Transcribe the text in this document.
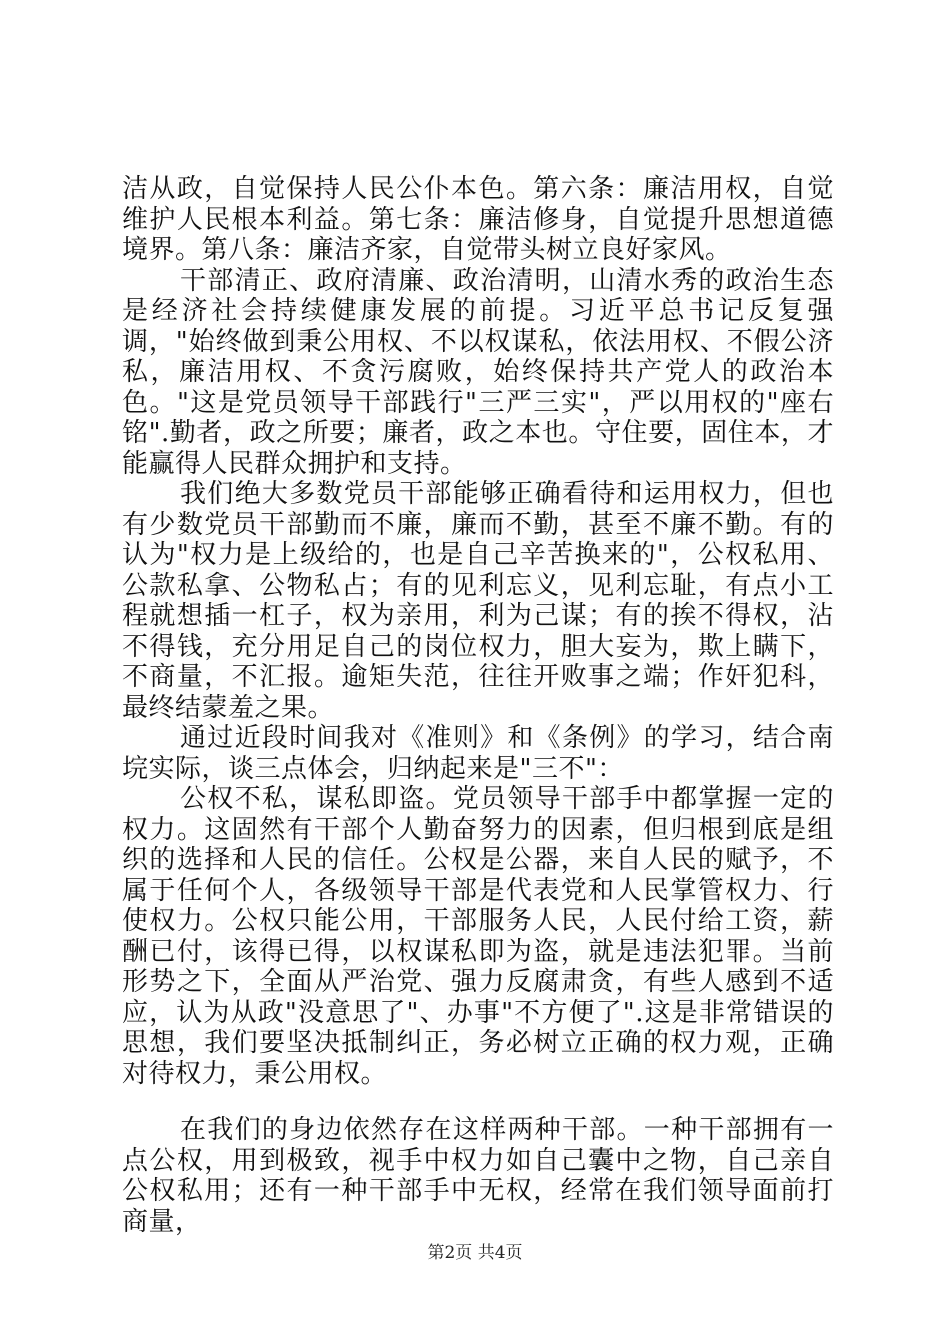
洁从政，自觉保持人民公仆本色。第六条：廉洁用权，自觉维护人民根本利益。第七条：廉洁修身，自觉提升思想道德境界。第八条：廉洁齐家，自觉带头树立良好家风。

干部清正、政府清廉、政治清明，山清水秀的政治生态是经济社会持续健康发展的前提。习近平总书记反复强调，"始终做到秉公用权、不以权谋私，依法用权、不假公济私，廉洁用权、不贪污腐败，始终保持共产党人的政治本色。"这是党员领导干部践行"三严三实"，严以用权的"座右铭".勤者，政之所要；廉者，政之本也。守住要，固住本，才能赢得人民群众拥护和支持。

我们绝大多数党员干部能够正确看待和运用权力，但也有少数党员干部勤而不廉，廉而不勤，甚至不廉不勤。有的认为"权力是上级给的，也是自己辛苦换来的"，公权私用、公款私拿、公物私占；有的见利忘义，见利忘耻，有点小工程就想插一杠子，权为亲用，利为己谋；有的挨不得权，沾不得钱，充分用足自己的岗位权力，胆大妄为，欺上瞒下，不商量，不汇报。逾矩失范，往往开败事之端；作奸犯科，最终结蒙羞之果。

通过近段时间我对《准则》和《条例》的学习，结合南垸实际，谈三点体会，归纳起来是"三不"：

公权不私，谋私即盗。党员领导干部手中都掌握一定的权力。这固然有干部个人勤奋努力的因素，但归根到底是组织的选择和人民的信任。公权是公器，来自人民的赋予，不属于任何个人，各级领导干部是代表党和人民掌管权力、行使权力。公权只能公用，干部服务人民，人民付给工资，薪酬已付，该得已得，以权谋私即为盗，就是违法犯罪。当前形势之下，全面从严治党、强力反腐肃贪，有些人感到不适应，认为从政"没意思了"、办事"不方便了".这是非常错误的思想，我们要坚决抵制纠正，务必树立正确的权力观，正确对待权力，秉公用权。

在我们的身边依然存在这样两种干部。一种干部拥有一点公权，用到极致，视手中权力如自己囊中之物，自己亲自公权私用；还有一种干部手中无权，经常在我们领导面前打商量，

第2页 共4页
